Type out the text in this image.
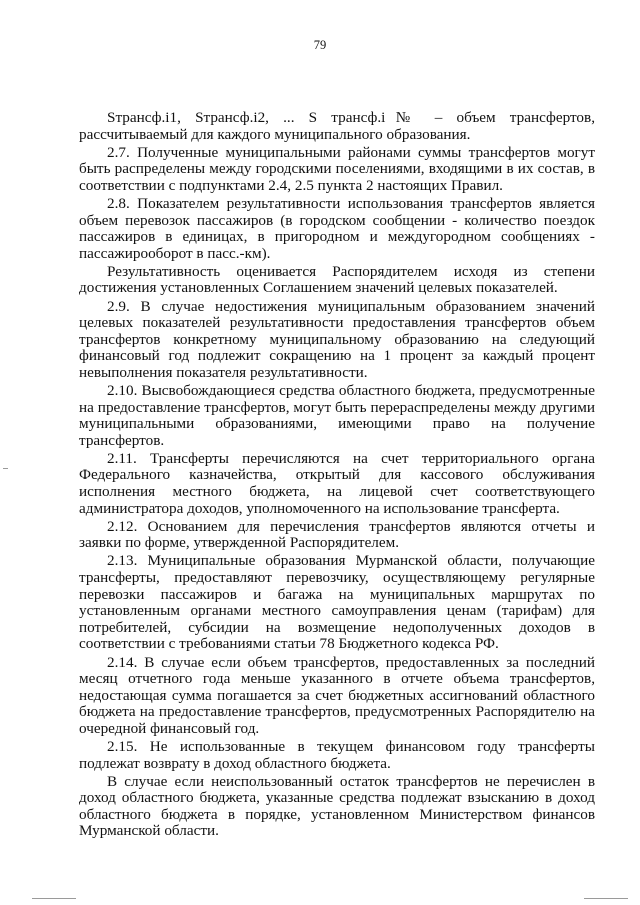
79

Sтрансф.i1, Sтрансф.i2, ... S трансф.i№ – объем трансфертов, рассчитываемый для каждого муниципального образования.

2.7. Полученные муниципальными районами суммы трансфертов могут быть распределены между городскими поселениями, входящими в их состав, в соответствии с подпунктами 2.4, 2.5 пункта 2 настоящих Правил.

2.8. Показателем результативности использования трансфертов является объем перевозок пассажиров (в городском сообщении - количество поездок пассажиров в единицах, в пригородном и междугородном сообщениях - пассажирооборот в пасс.-км).

Результативность оценивается Распорядителем исходя из степени достижения установленных Соглашением значений целевых показателей.

2.9. В случае недостижения муниципальным образованием значений целевых показателей результативности предоставления трансфертов объем трансфертов конкретному муниципальному образованию на следующий финансовый год подлежит сокращению на 1 процент за каждый процент невыполнения показателя результативности.

2.10. Высвобождающиеся средства областного бюджета, предусмотренные на предоставление трансфертов, могут быть перераспределены между другими муниципальными образованиями, имеющими право на получение трансфертов.

2.11. Трансферты перечисляются на счет территориального органа Федерального казначейства, открытый для кассового обслуживания исполнения местного бюджета, на лицевой счет соответствующего администратора доходов, уполномоченного на использование трансферта.

2.12. Основанием для перечисления трансфертов являются отчеты и заявки по форме, утвержденной Распорядителем.

2.13. Муниципальные образования Мурманской области, получающие трансферты, предоставляют перевозчику, осуществляющему регулярные перевозки пассажиров и багажа на муниципальных маршрутах по установленным органами местного самоуправления ценам (тарифам) для потребителей, субсидии на возмещение недополученных доходов в соответствии с требованиями статьи 78 Бюджетного кодекса РФ.

2.14. В случае если объем трансфертов, предоставленных за последний месяц отчетного года меньше указанного в отчете объема трансфертов, недостающая сумма погашается за счет бюджетных ассигнований областного бюджета на предоставление трансфертов, предусмотренных Распорядителю на очередной финансовый год.

2.15. Не использованные в текущем финансовом году трансферты подлежат возврату в доход областного бюджета.

В случае если неиспользованный остаток трансфертов не перечислен в доход областного бюджета, указанные средства подлежат взысканию в доход областного бюджета в порядке, установленном Министерством финансов Мурманской области.
